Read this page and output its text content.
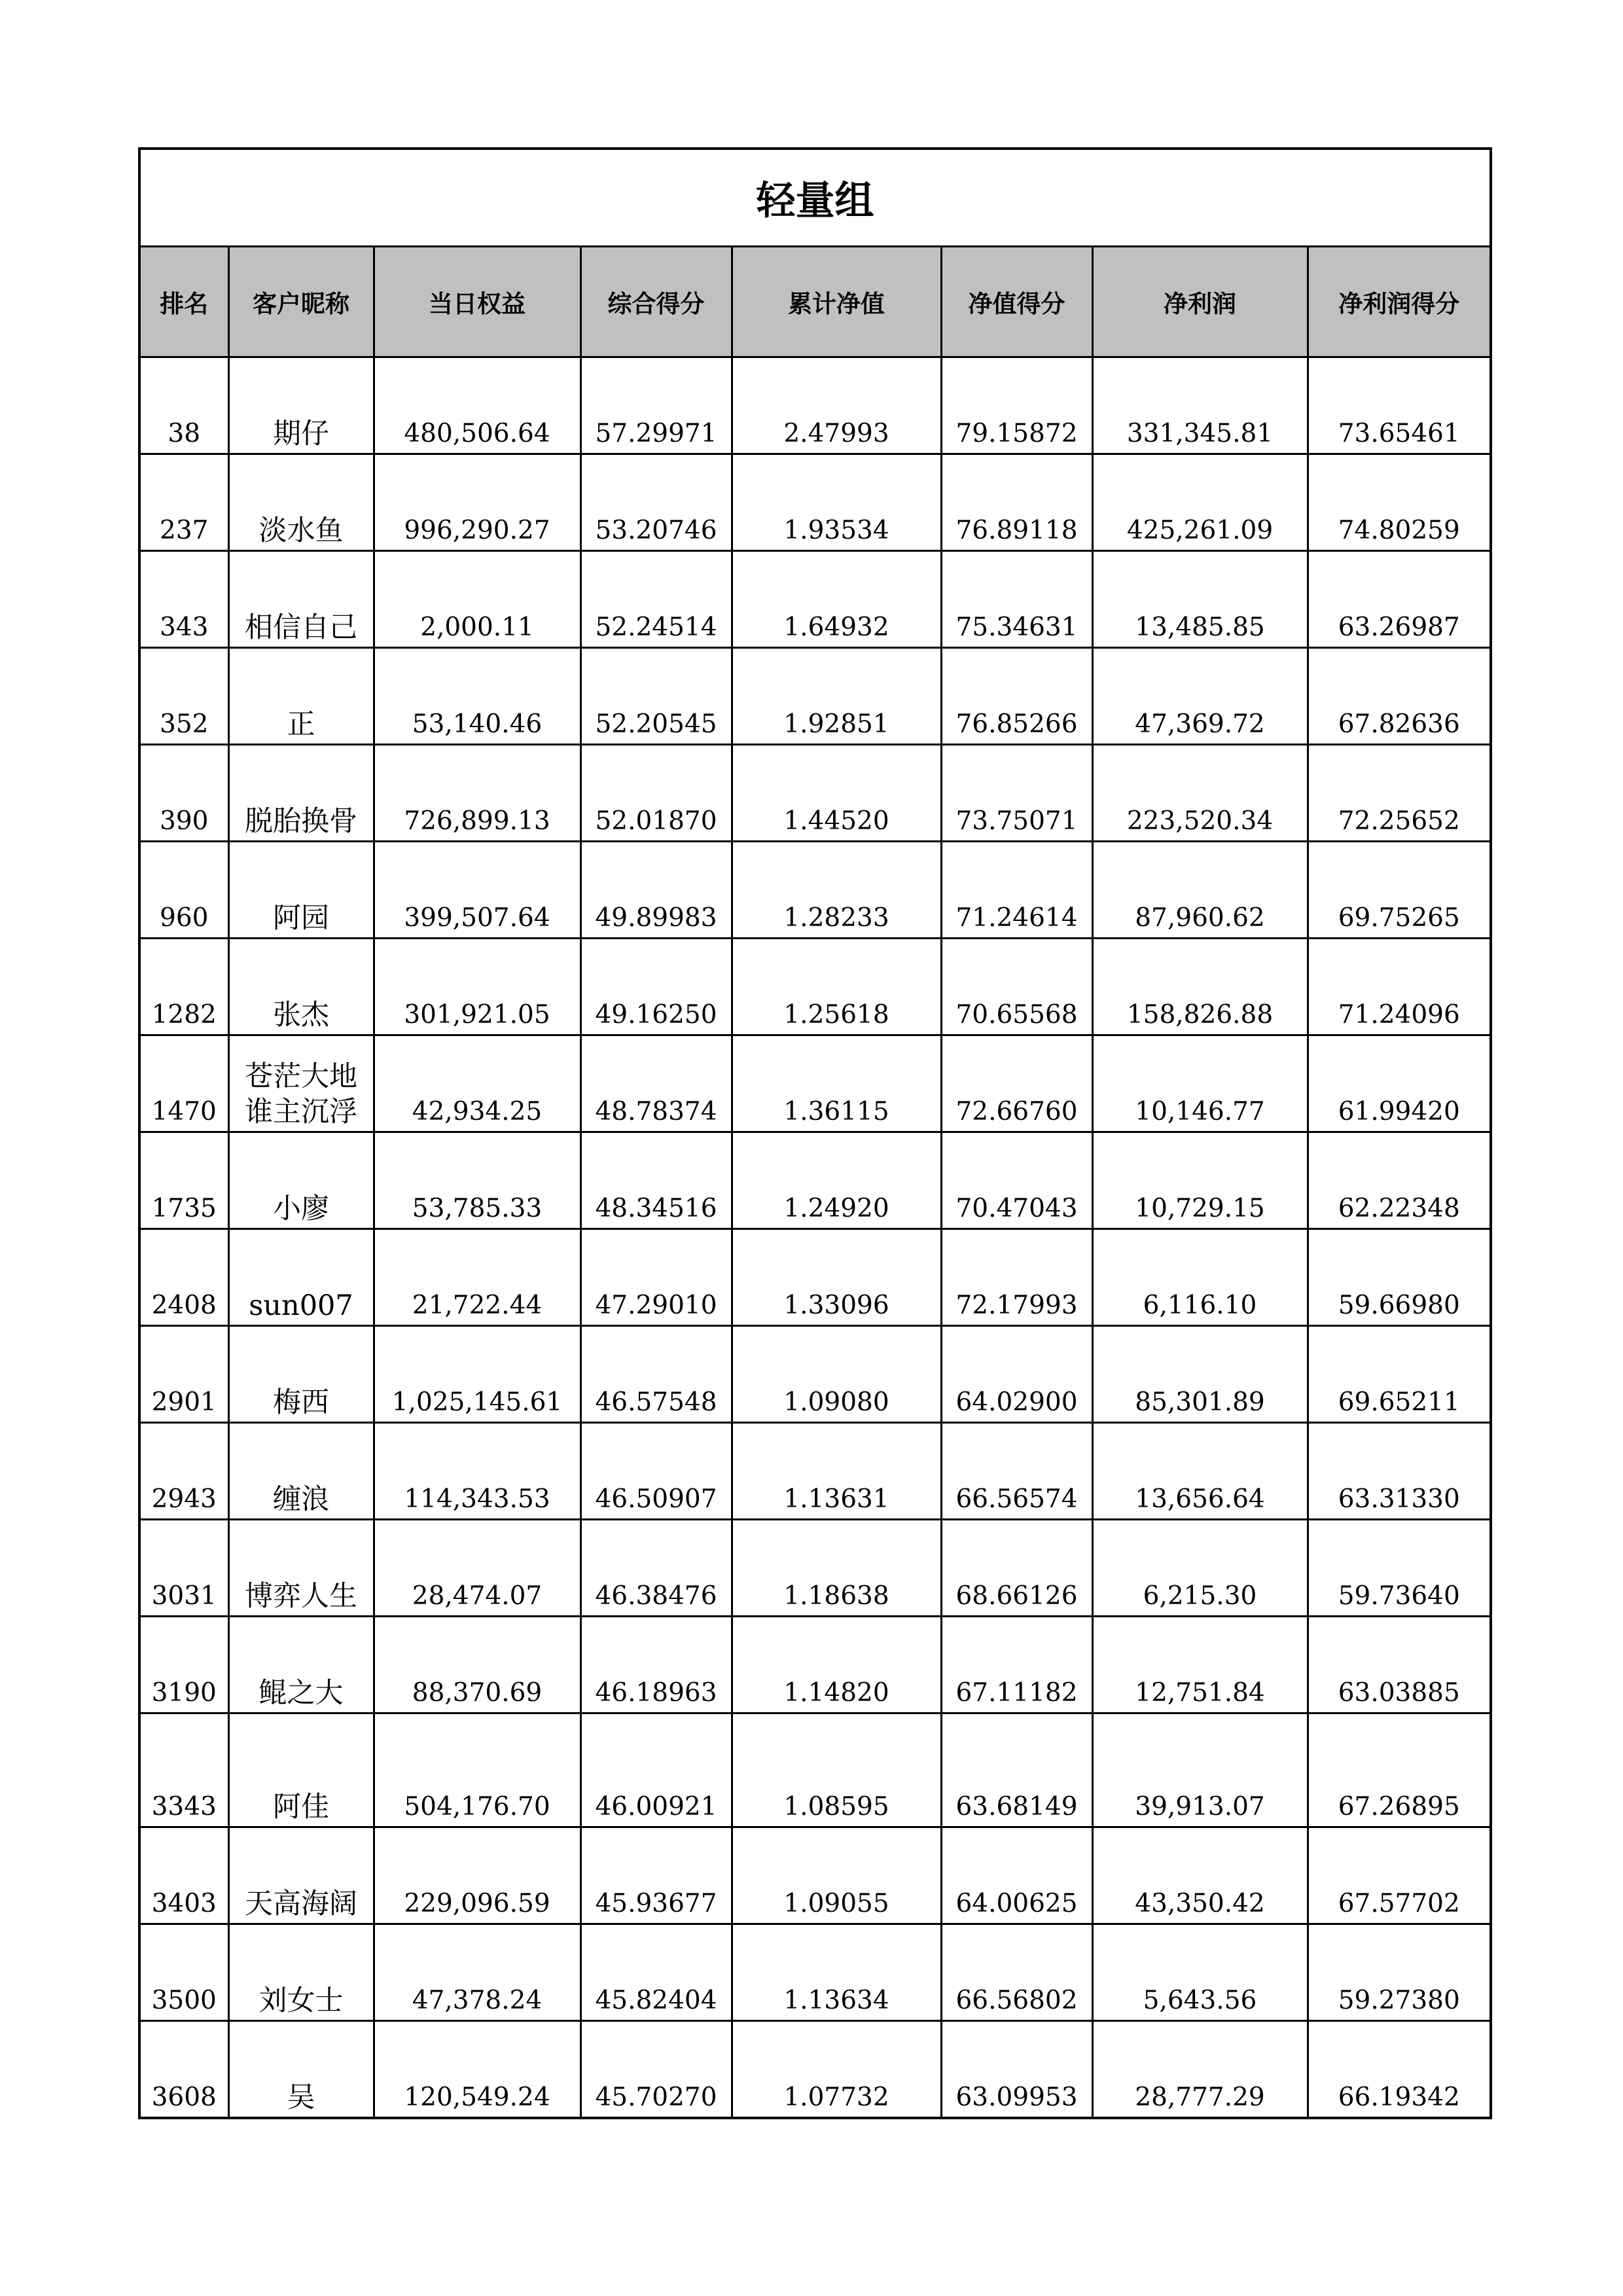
轻量组							
排名	客户昵称	当日权益	综合得分	累计净值	净值得分	净利润	净利润得分
38	期仔	480,506.64	57.29971	2.47993	79.15872	331,345.81	73.65461
237	淡水鱼	996,290.27	53.20746	1.93534	76.89118	425,261.09	74.80259
343	相信自己	2,000.11	52.24514	1.64932	75.34631	13,485.85	63.26987
352	正	53,140.46	52.20545	1.92851	76.85266	47,369.72	67.82636
390	脱胎换骨	726,899.13	52.01870	1.44520	73.75071	223,520.34	72.25652
960	阿园	399,507.64	49.89983	1.28233	71.24614	87,960.62	69.75265
1282	张杰	301,921.05	49.16250	1.25618	70.65568	158,826.88	71.24096
1470	苍茫大地谁主沉浮	42,934.25	48.78374	1.36115	72.66760	10,146.77	61.99420
1735	小廖	53,785.33	48.34516	1.24920	70.47043	10,729.15	62.22348
2408	sun007	21,722.44	47.29010	1.33096	72.17993	6,116.10	59.66980
2901	梅西	1,025,145.61	46.57548	1.09080	64.02900	85,301.89	69.65211
2943	缠浪	114,343.53	46.50907	1.13631	66.56574	13,656.64	63.31330
3031	博弈人生	28,474.07	46.38476	1.18638	68.66126	6,215.30	59.73640
3190	鲲之大	88,370.69	46.18963	1.14820	67.11182	12,751.84	63.03885
3343	阿佳	504,176.70	46.00921	1.08595	63.68149	39,913.07	67.26895
3403	天高海阔	229,096.59	45.93677	1.09055	64.00625	43,350.42	67.57702
3500	刘女士	47,378.24	45.82404	1.13634	66.56802	5,643.56	59.27380
3608	吴	120,549.24	45.70270	1.07732	63.09953	28,777.29	66.19342
